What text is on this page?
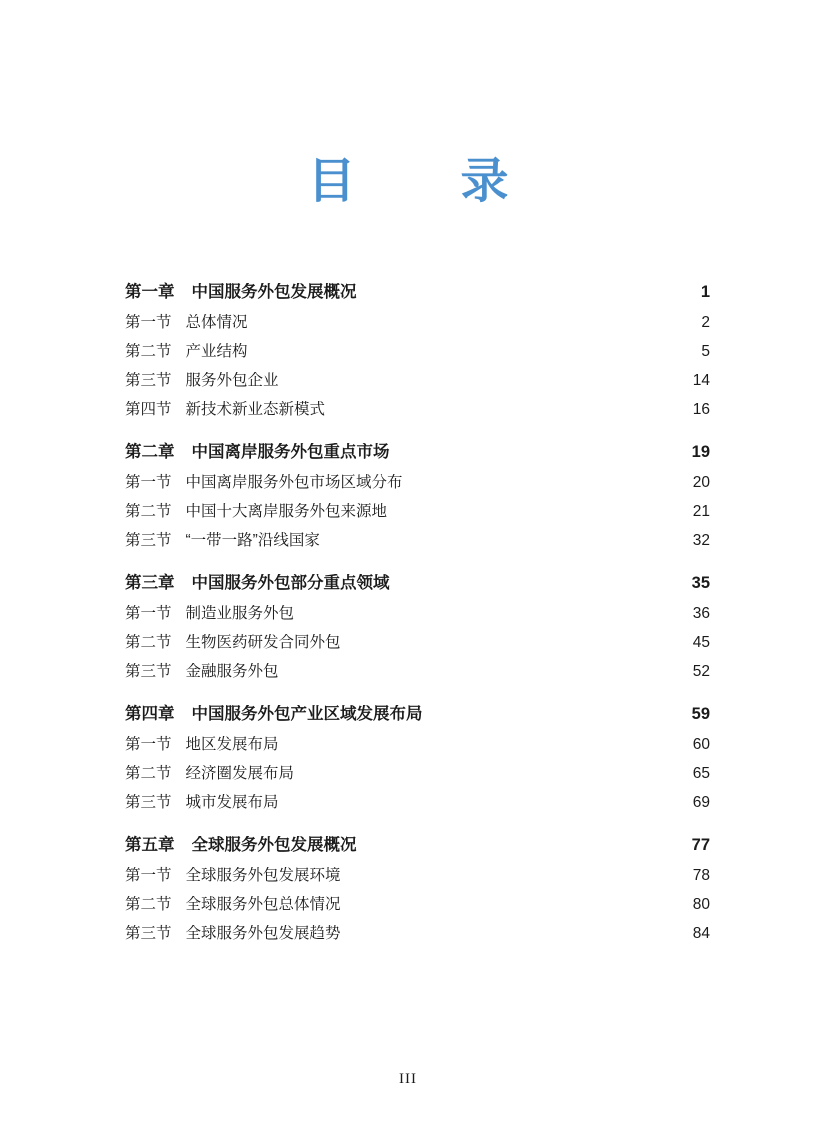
目 录
第一章 中国服务外包发展概况	1
第一节 总体情况	2
第二节 产业结构	5
第三节 服务外包企业	14
第四节 新技术新业态新模式	16
第二章 中国离岸服务外包重点市场	19
第一节 中国离岸服务外包市场区域分布	20
第二节 中国十大离岸服务外包来源地	21
第三节 “一带一路”沿线国家	32
第三章 中国服务外包部分重点领域	35
第一节 制造业服务外包	36
第二节 生物医药研发合同外包	45
第三节 金融服务外包	52
第四章 中国服务外包产业区域发展布局	59
第一节 地区发展布局	60
第二节 经济圈发展布局	65
第三节 城市发展布局	69
第五章 全球服务外包发展概况	77
第一节 全球服务外包发展环境	78
第二节 全球服务外包总体情况	80
第三节 全球服务外包发展趋势	84
III
